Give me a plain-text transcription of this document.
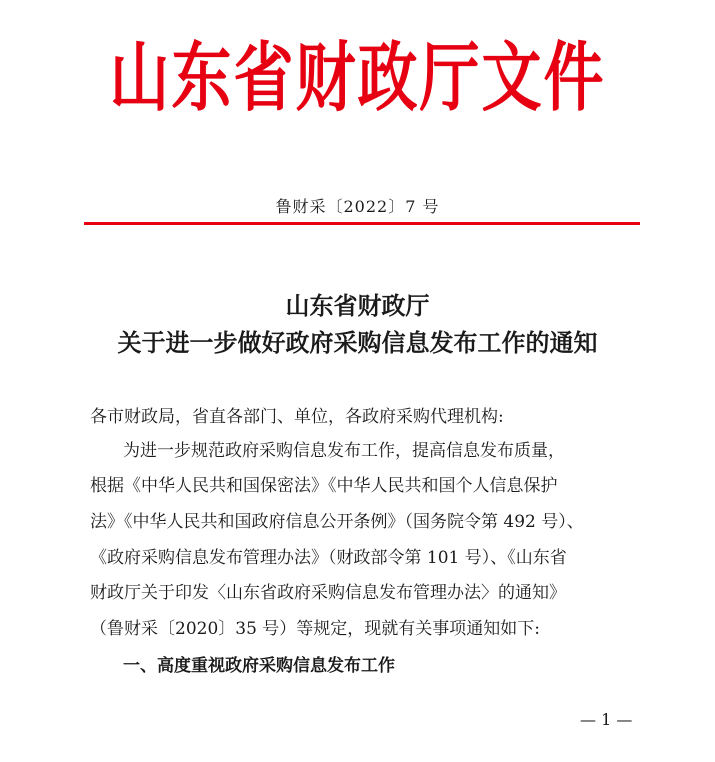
山东省财政厅文件
鲁财采〔2022〕7 号
山东省财政厅
关于进一步做好政府采购信息发布工作的通知
各市财政局，省直各部门、单位，各政府采购代理机构:
为进一步规范政府采购信息发布工作，提高信息发布质量，
根据《中华人民共和国保密法》《中华人民共和国个人信息保护
法》《中华人民共和国政府信息公开条例》（国务院令第 492 号）、
《政府采购信息发布管理办法》（财政部令第 101 号）、《山东省
财政厅关于印发〈山东省政府采购信息发布管理办法〉的通知》
（鲁财采〔2020〕35 号）等规定，现就有关事项通知如下:
一、高度重视政府采购信息发布工作
— 1 —
